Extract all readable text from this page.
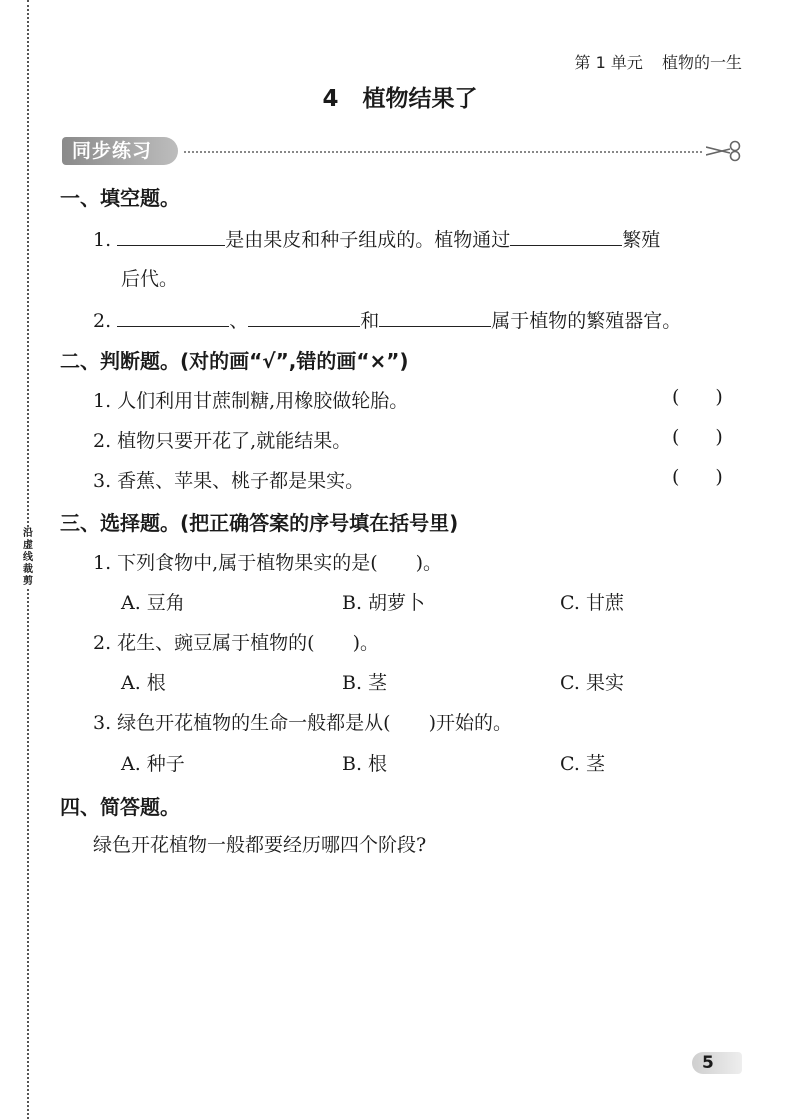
沿虚线裁剪
第 1 单元 植物的一生
4 植物结果了
同步练习
一、填空题。
1.	是由果皮和种子组成的。植物通过	繁殖
后代。
2.	、	和	属于植物的繁殖器官。
二、判断题。(对的画“√”,错的画“×”)
1. 人们利用甘蔗制糖,用橡胶做轮胎。	( )
2. 植物只要开花了,就能结果。	( )
3. 香蕉、苹果、桃子都是果实。	( )
三、选择题。(把正确答案的序号填在括号里)
1. 下列食物中,属于植物果实的是(　　)。
A. 豆角	B. 胡萝卜	C. 甘蔗
2. 花生、豌豆属于植物的(　　)。
A. 根	B. 茎	C. 果实
3. 绿色开花植物的生命一般都是从(　　)开始的。
A. 种子	B. 根	C. 茎
四、简答题。
绿色开花植物一般都要经历哪四个阶段?
5
